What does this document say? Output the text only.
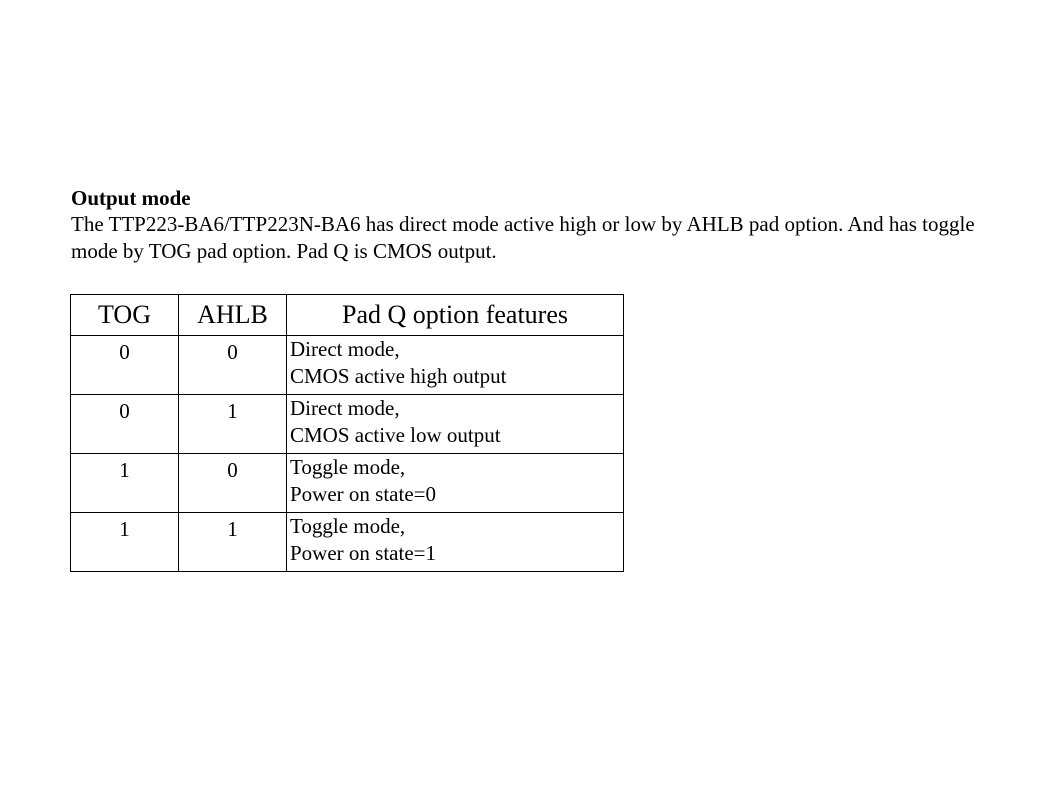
Output mode

The TTP223-BA6/TTP223N-BA6 has direct mode active high or low by AHLB pad option. And has toggle mode by TOG pad option. Pad Q is CMOS output.

TOG	AHLB	Pad Q option features
0	0	Direct mode,
CMOS active high output

0	1	Direct mode,
CMOS active low output

1	0	Toggle mode,
Power on state=0

1	1	Toggle mode,
Power on state=1
